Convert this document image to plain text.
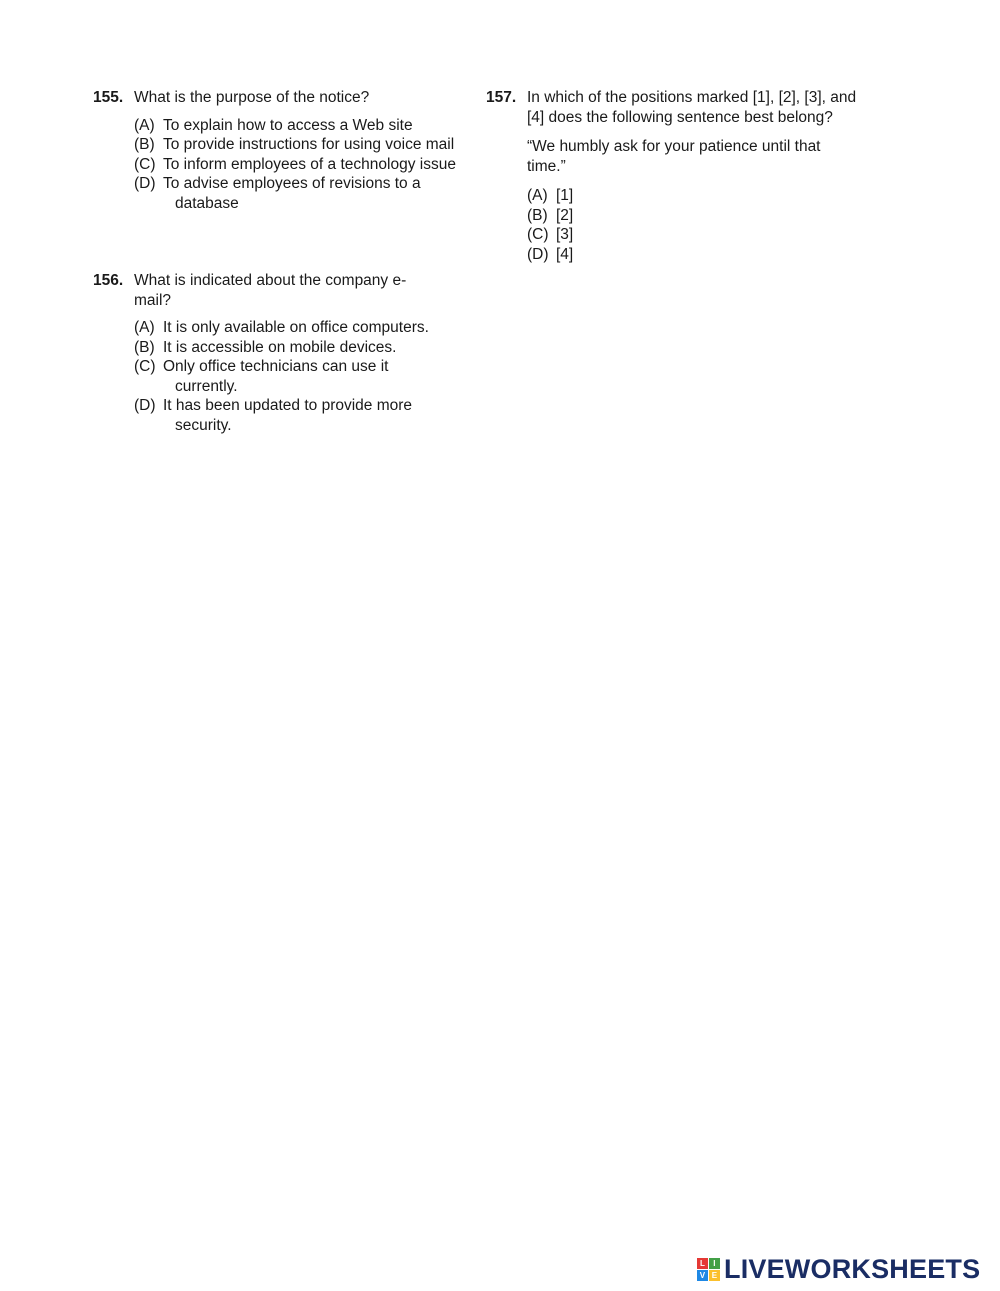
155. What is the purpose of the notice?
(A) To explain how to access a Web site
(B) To provide instructions for using voice mail
(C) To inform employees of a technology issue
(D) To advise employees of revisions to a database
156. What is indicated about the company e-mail?
(A) It is only available on office computers.
(B) It is accessible on mobile devices.
(C) Only office technicians can use it currently.
(D) It has been updated to provide more security.
157. In which of the positions marked [1], [2], [3], and [4] does the following sentence best belong?
“We humbly ask for your patience until that time.”
(A) [1]
(B) [2]
(C) [3]
(D) [4]
L	I
V E LIVEWORKSHEETS
